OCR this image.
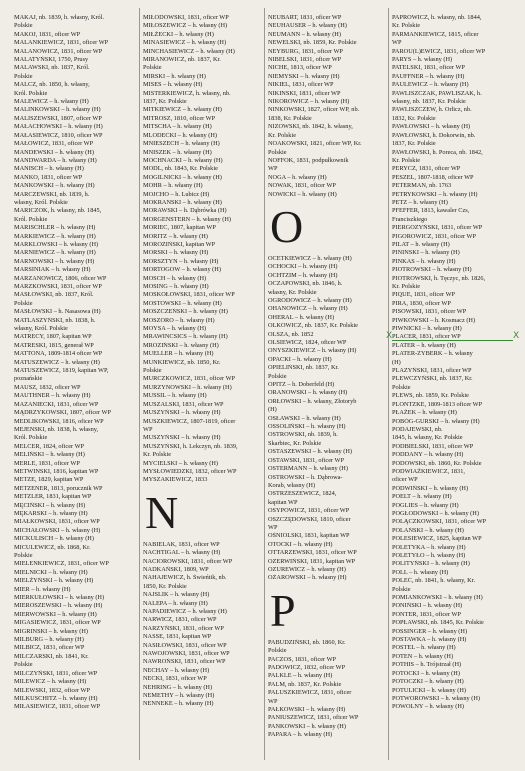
MAKAJ, nb. 1839, h. własny, Król.
Polskie
MAKOJ, 1831, oficer WP
MALANKIEWICZ, 1831, oficer WP
MALANOWICZ, 1831, oficer WP
MALATYŃSKI, 1750, Prusy
MALAWSKI, nb. 1837, Król.
Polskie
MALCZ, nb. 1850, h. własny,
Król. Polskie
MALEWICZ – h. własny (H)
MALINKOWSKI – h. własny (H)
MALISZEWSKI, 1807, oficer WP
MAŁACHOWSKI – h. własny (H)
MAŁASIEWICZ, 1810, oficer WP
MAŁOWICZ, 1831, oficer WP
MANDEWSKI – h. własny (H)
MANDWARDA – h. własny (H)
MANISCH – h. własny (H)
MANKO, 1831, oficer WP
MANKOWSKI – h. własny (H)
MARCZEWSKI, nb. 1839, h.
własny, Król. Polskie
MARICZOK, h. własny, nb. 1845,
Król. Polskie
MARISCHLER – h. własny (H)
MARKIEWICZ – h. własny (H)
MARKLOWSKI – h. własny (H)
MARNIEWICZ – h. własny (H)
MARNOWSKI – h. własny (H)
MARSINIAK – h. własny (H)
MARZANOWICZ, 1806, oficer WP
MARZKOWSKI, 1831, oficer WP
MASŁOWSKI, nb. 1837, Król.
Polskie
MASŁOWSKI – h. Nasasowa (H)
MATLASZYŃSKI, nb. 1838, h.
własny, Król. Polskie
MATRECY, 1807, kapitan WP
MATRESKI, 1815, generał WP
MATTONA, 1809-1814 oficer WP
MATUSZEWICZ – h. własny (H)
MATUSZEWICZ, 1819, kapitan WP,
poznańskie
MAUSZ, 1832, oficer WP
MAUTHNER – h. własny (H)
MAZANIECKI, 1831, oficer WP
MĄDRZYKOWSKI, 1807, oficer WP
MEDLIKOWSKI, 1816, oficer WP
MEJENSKI, nb. 1838, h. własny,
Król. Polskie
MELCER, 1824, oficer WP
MELIŃSKI – h. własny (H)
MERLE, 1831, oficer WP
METWINSKI, 1816, kapitan WP
METZE, 1829, kapitan WP
METZENER, 1813, porucznik WP
METZLER, 1831, kapitan WP
MĘCIŃSKI – h. własny (H)
MĘKARSKI – h. własny (H)
MIAŁKOWSKI, 1831, oficer WP
MICHAŁOWSKI – h. własny (H)
MICKULISCH – h. własny (H)
MICULEWICZ, nb. 1868, Kr.
Polskie
MIELENKIEWICZ, 1831, oficer WP
MIELNICKI – h. własny (H)
MIELŻYŃSKI – h. własny (H)
MIER – h. własny (H)
MIERKUŁOWSKI – h. własny (H)
MIEROSZEWSKI – h. własny (H)
MIERWOWSKI – h. własny (H)
MIGASIEWICZ, 1831, oficer WP
MIGRINSKI – h. własny (H)
MILBURG – h. własny (H)
MILBICZ, 1831, oficer WP
MILCZARSKI, nb. 1841, Kr.
Polskie
MILCZYŃSKI, 1831, oficer WP
MILEWICZ – h. własny (H)
MILEWSKI, 1832, oficer WP
MILKUSCHITZ – h. własny (H)
MIŁASIEWICZ, 1831, oficer WP
MIŁODOWSKI, 1831, oficer WP
MIŁOSZEWICZ – h. własny (H)
MIŁŻECKI – h. własny (H)
MINASIEWICZ – h. własny (H)
MINCHASIEWICZ – h. własny (H)
MIRANOWICZ, nb. 1837, Kr.
Polskie
MIRSKI – h. własny (H)
MISES – h. własny (H)
MISTERKIEWICZ, h. własny, nb.
1837, Kr. Polskie
MITKIEWICZ – h. własny (H)
MITROSZ, 1810, oficer WP
MITSCHA – h. własny (H)
MLODECKI – h. własny (H)
MNIESZECH – h. własny (H)
MNISZEK – h. własny (H)
MOCHNACKI – h. własny (H)
MODL, nb. 1843, Kr. Polskie
MOGILNICKI – h. własny (H)
MOHR – h. własny (H)
MOJCHO – h. Lubicz (H)
MOKRANSKI – h. własny (H)
MORAWSKI – h. Dąbrówka (H)
MORGENSTERN – h. własny (H)
MORIEC, 1807, kapitan WP
MORITZ – h. własny (H)
MOROZIŃSKI, kapitan WP
MORSKI – h. własny (H)
MORSZTYN – h. własny (H)
MORTOGOW – h. własny (H)
MOSCH – h. własny (H)
MOSING – h. własny (H)
MOSKOŁOWSKI, 1831, oficer WP
MOSTOWSKI – h. własny (H)
MOSZCZEŃSKI – h. własny (H)
MOSZORO – h. własny (H)
MOYSA – h. własny (H)
MRAWINCSICS – h. własny (H)
MROZIŃSKI – h. własny (H)
MUELLER – h. własny (H)
MUNKIEWICZ, nb. 1850, Kr.
Polskie
MURCZKOWICZ, 1831, oficer WP
MURZYNOWSKI – h. własny (H)
MUSSIL – h. własny (H)
MUSZALSKI, 1831, oficer WP
MUSZYŃSKI – h. własny (H)
MUSZKIEWICZ, 1807-1819, oficer
WP
MUSZYŃSKI – h. własny (H)
MUSZYŃSKI, h. Lekczyn, nb. 1839,
Kr. Polskie
MYCIELSKI – h. własny (H)
MYSŁOWIEDZKI, 1832, oficer WP
MYSZAKIEWICZ, 1833
N
NABIELAK, 1831, oficer WP
NACHTIGAL – h. własny (H)
NACIOROWSKI, 1831, oficer WP
NADKAŃSKI, 1809, WP
NAHAJEWICZ, h. Świeńtik, nb.
1850, Kr. Polskie
NAJSLIK – h. własny (H)
NALEPA – h. własny (H)
NAPADIEWICZ – h. własny (H)
NARWICZ, 1831, oficer WP
NARZYŃSKI, 1831, oficer WP
NASSE, 1831, kapitan WP
NASIŁOWSKI, 1831, oficer WP
NAWOJOWSKI, 1831, oficer WP
NAWROŃSKI, 1831, oficer WP
NECHAY – h. własny (H)
NECKI, 1831, oficer WP
NEHRING – h. własny (H)
NEMETHY – h. własny (H)
NENNEKE – h. własny (H)
NEUBART, 1831, oficer WP
NEUHAUSER – h. własny (H)
NEUMANN – h. własny (H)
NEWELSKI, nb. 1859, Kr. Polskie
NEYBURG, 1831, oficer WP
NIBELSKI, 1831, oficer WP
NICHE, 1813, oficer WP
NIEMYSKI – h. własny (H)
NIKIEL, 1831, oficer WP
NIKINSKI, 1831, oficer WP
NIKOROWICZ – h. własny (H)
NINKOWSKI, 1827, oficer WP, nb.
1838, Kr. Polskie
NIZOWSKI, nb. 1842, h. własny,
Kr. Polskie
NOAKOWSKI, 1821, oficer WP, Kr.
Polskie
NOFFOK, 1831, podpułkownik
WP
NOGA – h. własny (H)
NOWAK, 1831, oficer WP
NOWICKI – h. własny (H)
O
OCETKIEWICZ – h. własny (H)
OCHOCKI – h. własny (H)
OCHTZIM – h. własny (H)
OCZAPOWSKI, nb. 1846, h.
własny, Kr. Polskie
OGRODOWICZ – h. własny (H)
OHANOWICZ – h. własny (H)
OHERAL – h. własny (H)
OLKOWICZ, nb. 1837, Kr. Polskie
OLSZA, nb. 1852
OLSIEWICZ, 1824, oficer WP
ONYSZKIEWICZ – h. własny (H)
OPACKI – h. własny (H)
OPIELIŃSKI, nb. 1837, Kr.
Polskie
OPITZ – h. Doberfeld (H)
ORANOWSKI – h. własny (H)
ORŁOWSKI – h. własny, Złotoryb
(H)
OSŁAWSKI – h. własny (H)
OSSOLIŃSKI – h. własny (H)
OSTROWSKI, nb. 1839, h.
Skarbiec, Kr. Polskie
OSTASZEWSKI – h. własny (H)
OSTAWSKI, 1831, oficer WP
OSTERMANN – h. własny (H)
OSTROWSKI – h. Dąbrowa-
Korab, własny (H)
OSTRZESZEWICZ, 1824,
kapitan WP
OSYPOWICZ, 1831, oficer WP
OSZCZĘDOWSKI, 1810, oficer
WP
OŚNIOLSKI, 1831, kapitan WP
OTOCKI – h. własny (H)
OTTARZEWSKI, 1831, oficer WP
OZERWIŃSKI, 1831, kapitan WP
OZUREWICZ – h. własny (H)
OŹAROWSKI – h. własny (H)
P
PABUDZIŃSKI, nb. 1860, Kr.
Polskie
PACZOS, 1831, oficer WP
PADOWICZ, 1832, oficer WP
PALKLE – h. własny (H)
PALM, nb. 1837, Kr. Polskie
PALUSZKIEWICZ, 1831, oficer
WP
PAŁKOWSKI – h. własny (H)
PANIUSZEWICZ, 1831, oficer WP
PANKOWSKI – h. własny (H)
PAPARA – h. własny (H)
PAPROWICZ, h. własny, nb. 1844,
Kr. Polskie
PARMANKIEWICZ, 1815, oficer
WP
PAROU(L)EWICZ, 1831, oficer WP
PARYS – h. własny (H)
PATELSKI, 1831, oficer WP
PAUFFNER – h. własny (H)
PAULEWICZ – h. własny (H)
PAWLISZCZAK, PAWLISZAK, h.
własny, nb. 1837, Kr. Polskie
PAWLISZCZEW, h. Orlicz, nb.
1832, Kr. Polskie
PAWŁOWSKI – h. własny (H)
PAWŁOWSKI, h. Dokorwin, nb.
1837, Kr. Polskie
PAWŁOWSKI, h. Poreca, nb. 1842,
Kr. Polskie
PERYCZ, 1831, oficer WP
PESZEL, 1807-1818, oficer WP
PETERMAN, nb. 1763
PETRYKOWSKI – h. własny (H)
PETZ – h. własny (H)
PFEFFER, 1813, kawaler Czs,
Franciszkiego
PIERGOZYŃSKI, 1831, oficer WP
PIGOROWICZ, 1831, oficer WP
PILAT – h. własny (H)
PININSKI – h. własny (H)
PINKAS – h. własny (H)
PIOTROWSKI – h. własny (H)
PIOTROWSKI, h. Tęczyc, nb. 1826,
Kr. Polskie
PIQUE, 1831, oficer WP
PIRA, 1830, oficer WP
PISOWSKI, 1831, oficer WP
PIWKOWSKI – h. Kosmacz (H)
PIWNICKI – h. własny (H)
PLACER, 1831, oficer WP
PLATER – h. własny (H)
PLATER-ZYBERK – h. własny
(H)
PLAZYŃSKI, 1831, oficer WP
PLEWCZYŃSKI, nb. 1837, Kr.
Polskie
PLEWS, nb. 1859, Kr. Polskie
PLONTZKE, 1809-1813 oficer WP
PŁAŻEK – h. własny (H)
POBÓG-GURSKI – h. własny (H)
PODAJEWSKI, nb.
1845, h. własny, Kr. Polskie
PODBIELSKI, 1831, oficer WP
PODDANY – h. własny (H)
PODOWSKI, nb. 1860, Kr. Polskie
PODWIAŻKIEWICZ, 1831,
oficer WP
PODWIŃSKI – h. własny (H)
POELT – h. własny (H)
POGLIES – h. własny (H)
POGŁODOWSKI – h. własny (H)
POLĄCZKOWSKI, 1831, oficer WP
POLAŃSKI – h. własny (H)
POLESIEWICZ, 1825, kapitan WP
POLETYKA – h. własny (H)
POLETYŁO – h. własny (H)
POLITYŃSKI – h. własny (H)
POLL – h. własny (H)
POLEĆ, nb. 1841, h. własny, Kr.
Polskie
POMIANKOWSKI – h. własny (H)
PONIŃSKI – h. własny (H)
PONTER, 1831, oficer WP
POPŁAWSKI, nb. 1845, Kr. Polskie
POSSINGER – h. własny (H)
POSTAWKA – h. własny (H)
POSTEL – h. własny (H)
POTEN – h. własny (H)
POTHIS – h. Trójstrzał (H)
POTOCKI – h. własny (H)
POTOCZKI – h. własny (H)
POTULICKI – h. własny (H)
POTWOROWSKI – h. własny (H)
POWOLNY – h. własny (H)
X	X
